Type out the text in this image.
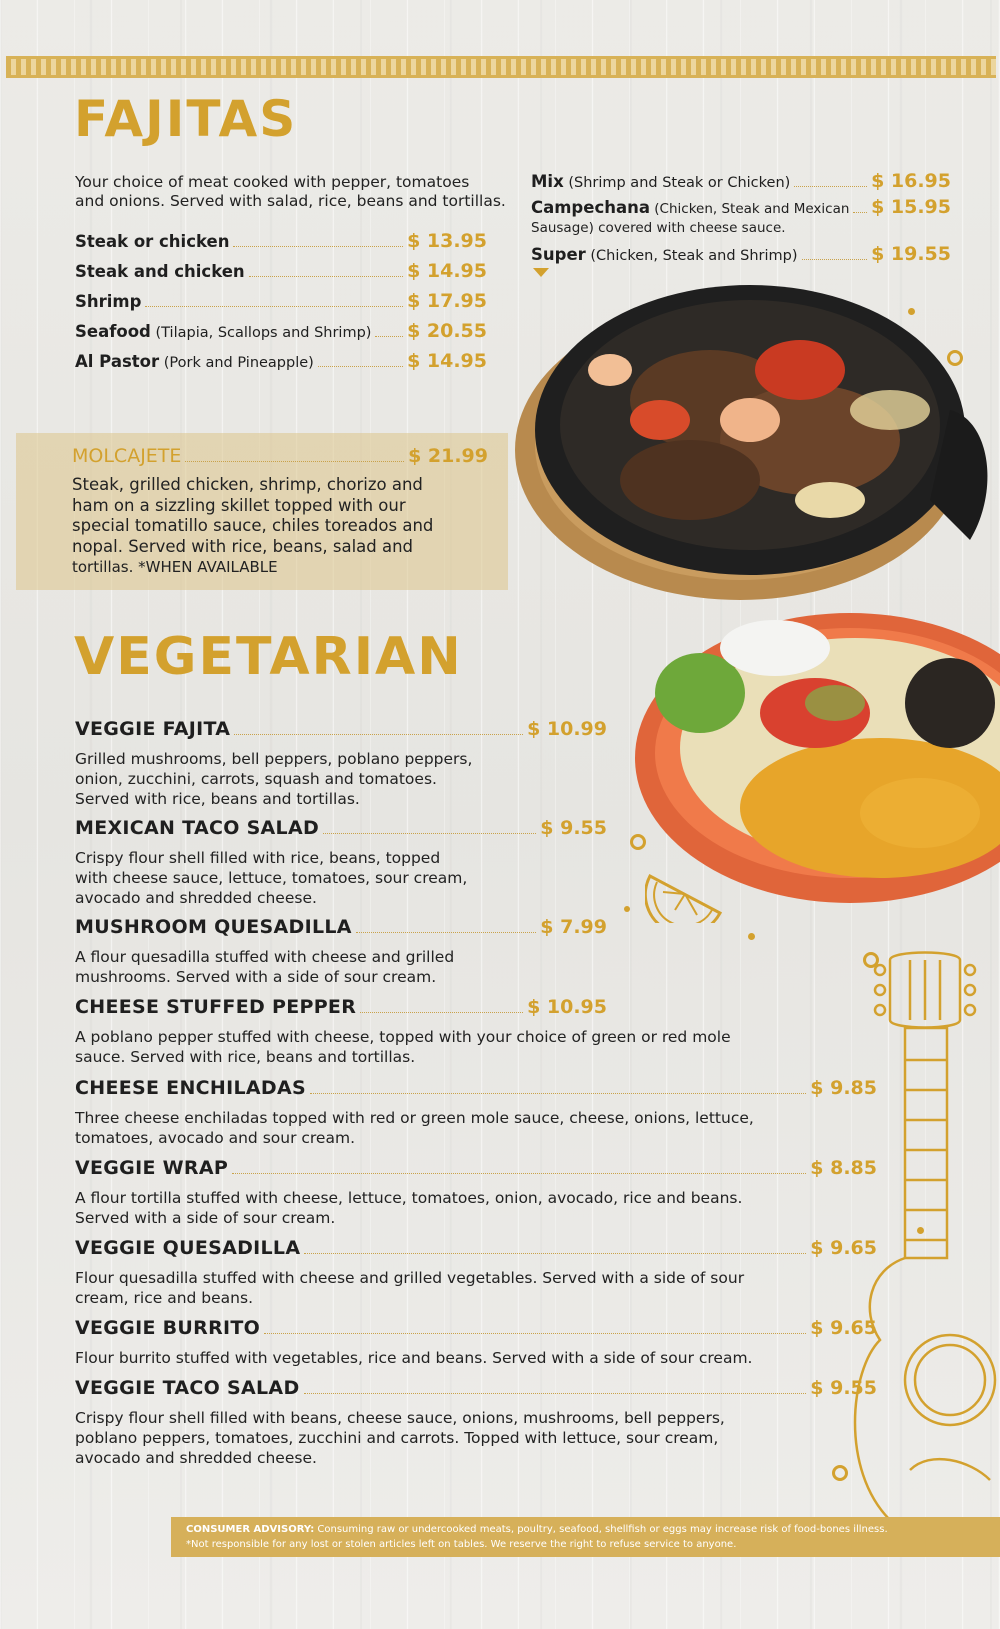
FAJITAS

Your choice of meat cooked with pepper, tomatoes

and onions. Served with salad, rice, beans and tortillas.

Steak or chicken	$ 13.95
Steak and chicken	$ 14.95
Shrimp	$ 17.95
Seafood (Tilapia, Scallops and Shrimp) $ 20.55
Al Pastor (Pork and Pineapple)	$ 14.95
Mix (Shrimp and Steak or Chicken)	$ 16.95
Campechana (Chicken, Steak and Mexican $ 15.95

Sausage) covered with cheese sauce.

Super (Chicken, Steak and Shrimp)	$ 19.55
MOLCAJETE	$ 21.99

Steak, grilled chicken, shrimp, chorizo and

ham on a sizzling skillet topped with our

special tomatillo sauce, chiles toreados and

nopal. Served with rice, beans, salad and

tortillas. *WHEN AVAILABLE

VEGETARIAN
VEGGIE FAJITA	$ 10.99

Grilled mushrooms, bell peppers, poblano peppers,

onion, zucchini, carrots, squash and tomatoes.

Served with rice, beans and tortillas.

MEXICAN TACO SALAD	$ 9.55

Crispy flour shell filled with rice, beans, topped

with cheese sauce, lettuce, tomatoes, sour cream,

avocado and shredded cheese.

MUSHROOM QUESADILLA	$ 7.99

A flour quesadilla stuffed with cheese and grilled

mushrooms. Served with a side of sour cream.

CHEESE STUFFED PEPPER	$ 10.95

A poblano pepper stuffed with cheese, topped with your choice of green or red mole

sauce. Served with rice, beans and tortillas.

CHEESE ENCHILADAS	$ 9.85

Three cheese enchiladas topped with red or green mole sauce, cheese, onions, lettuce,

tomatoes, avocado and sour cream.

VEGGIE WRAP	$ 8.85

A flour tortilla stuffed with cheese, lettuce, tomatoes, onion, avocado, rice and beans.

Served with a side of sour cream.

VEGGIE QUESADILLA	$ 9.65

Flour quesadilla stuffed with cheese and grilled vegetables. Served with a side of sour

cream, rice and beans.

VEGGIE BURRITO	$ 9.65

Flour burrito stuffed with vegetables, rice and beans. Served with a side of sour cream.

VEGGIE TACO SALAD	$ 9.55

Crispy flour shell filled with beans, cheese sauce, onions, mushrooms, bell peppers,

poblano peppers, tomatoes, zucchini and carrots. Topped with lettuce, sour cream,

avocado and shredded cheese.

CONSUMER ADVISORY: Consuming raw or undercooked meats, poultry, seafood, shellfish or eggs may increase risk of food-bones illness.
*Not responsible for any lost or stolen articles left on tables. We reserve the right to refuse service to anyone.
